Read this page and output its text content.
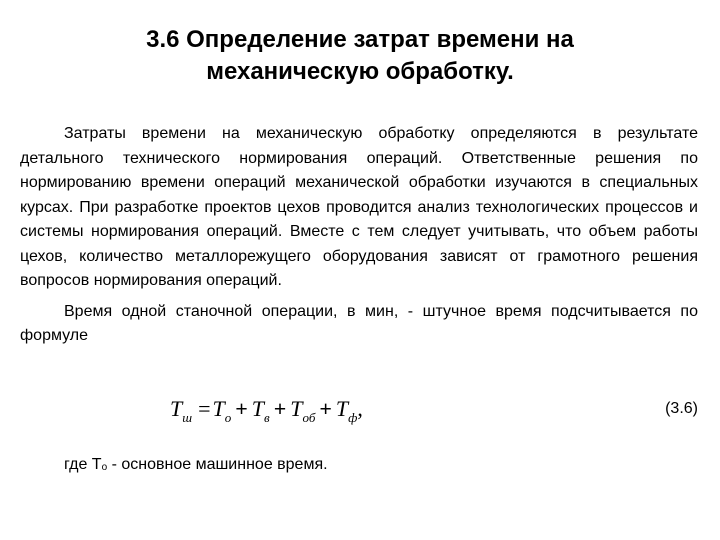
3.6 Определение затрат времени на
механическую обработку.

Затраты времени на механическую обработку определяются в результате детального технического нормирования операций. Ответственные решения по нормированию времени операций механической обработки изучаются в специальных курсах. При разработке проектов цехов проводится анализ технологических процессов и системы нормирования операций. Вместе с тем следует учитывать, что объем работы цехов, количество металлорежущего оборудования зависят от грамотного решения вопросов нормирования операций.

Время одной станочной операции, в мин, - штучное время подсчитывается по формуле

$T_ш =T_о + T_в + T_{об} + T_ф$,	(3.6)
где То - основное машинное время.
